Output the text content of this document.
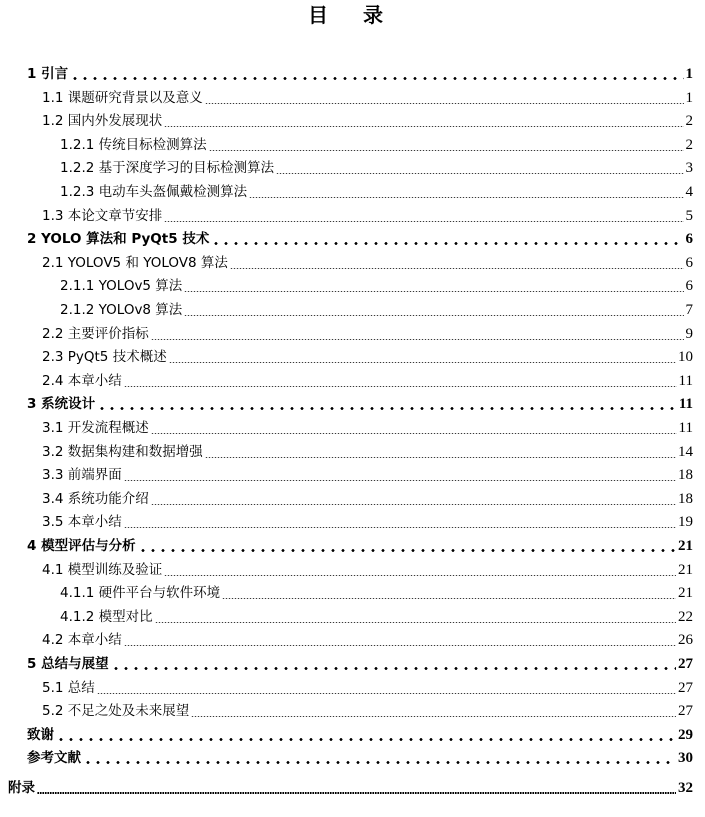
目 录
1 引言	1
1.1 课题研究背景以及意义	1
1.2 国内外发展现状	2
1.2.1 传统目标检测算法	2
1.2.2 基于深度学习的目标检测算法	3
1.2.3 电动车头盔佩戴检测算法	4
1.3 本论文章节安排	5
2 YOLO 算法和 PyQt5 技术	6
2.1 YOLOV5 和 YOLOV8 算法	6
2.1.1 YOLOv5 算法	6
2.1.2 YOLOv8 算法	7
2.2 主要评价指标	9
2.3 PyQt5 技术概述	10
2.4 本章小结	11
3 系统设计	11
3.1 开发流程概述	11
3.2 数据集构建和数据增强	14
3.3 前端界面	18
3.4 系统功能介绍	18
3.5 本章小结	19
4 模型评估与分析	21
4.1 模型训练及验证	21
4.1.1 硬件平台与软件环境	21
4.1.2 模型对比	22
4.2 本章小结	26
5 总结与展望	27
5.1 总结	27
5.2 不足之处及未来展望	27
致谢	29
参考文献	30
附录	32
